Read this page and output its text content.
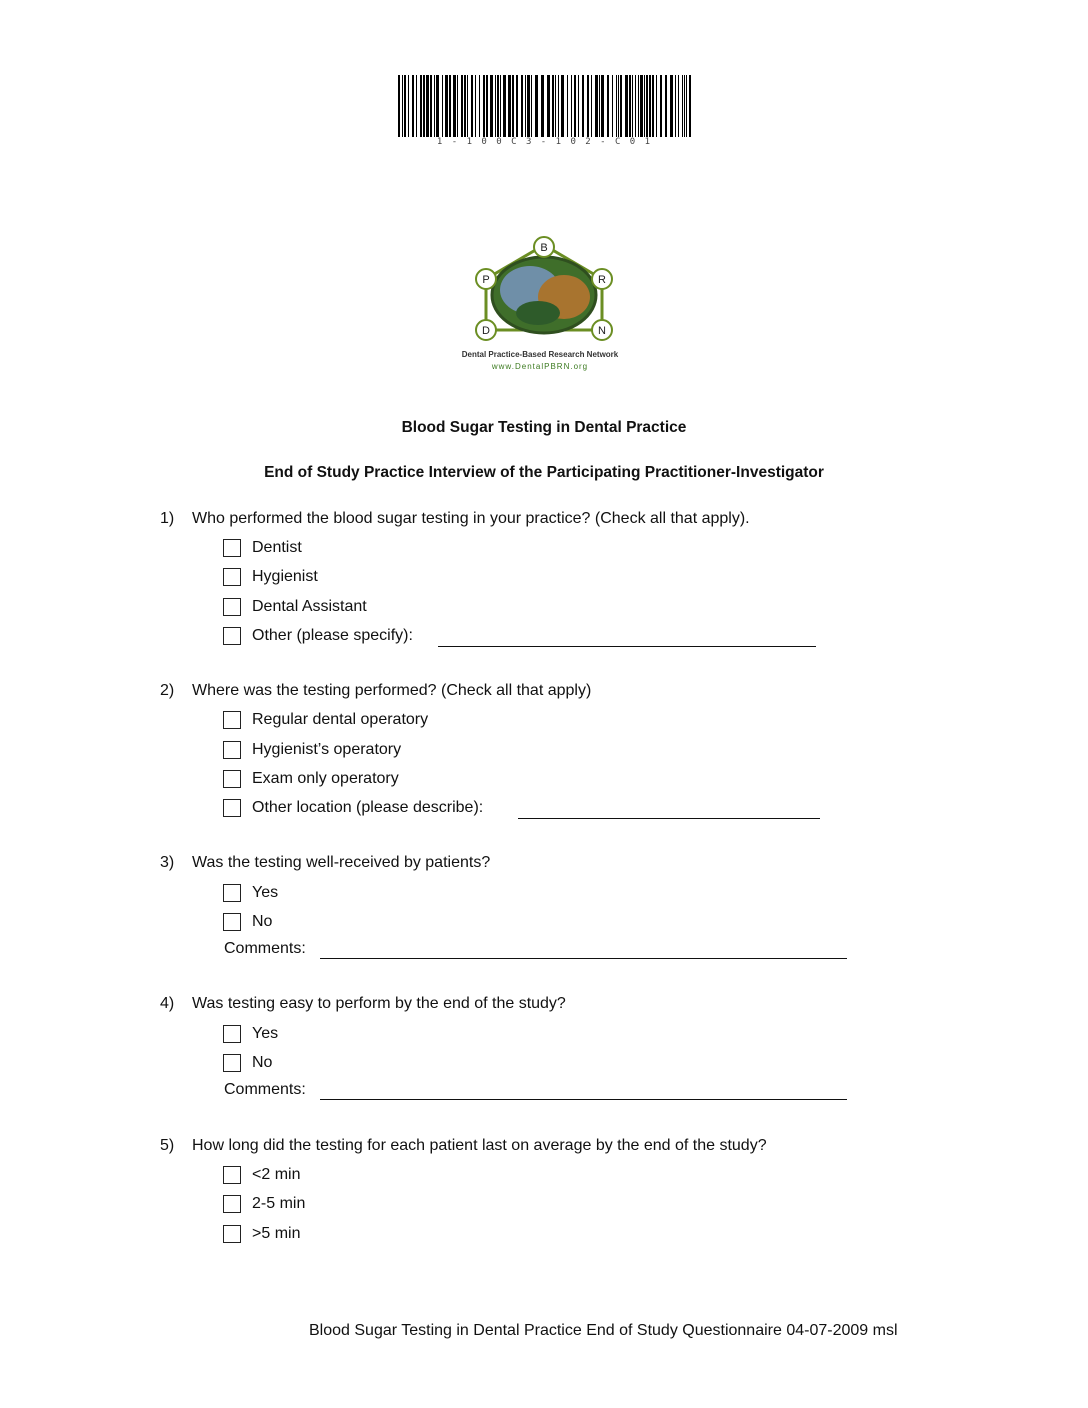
1 - 1 0 0 C 3 - 1 0 2 - C 0 1
B
P	R
D	N
Dental Practice-Based Research Network
www.DentalPBRN.org
Blood Sugar Testing in Dental Practice
End of Study Practice Interview of the Participating Practitioner-Investigator
1) Who performed the blood sugar testing in your practice? (Check all that apply).
Dentist
Hygienist
Dental Assistant
Other (please specify):
2) Where was the testing performed? (Check all that apply)
Regular dental operatory
Hygienist’s operatory
Exam only operatory
Other location (please describe):
3) Was the testing well-received by patients?
Yes
No
Comments:
4) Was testing easy to perform by the end of the study?
Yes
No
Comments:
5) How long did the testing for each patient last on average by the end of the study?
<2 min
2-5 min
>5 min
Blood Sugar Testing in Dental Practice End of Study Questionnaire 04-07-2009 msl
